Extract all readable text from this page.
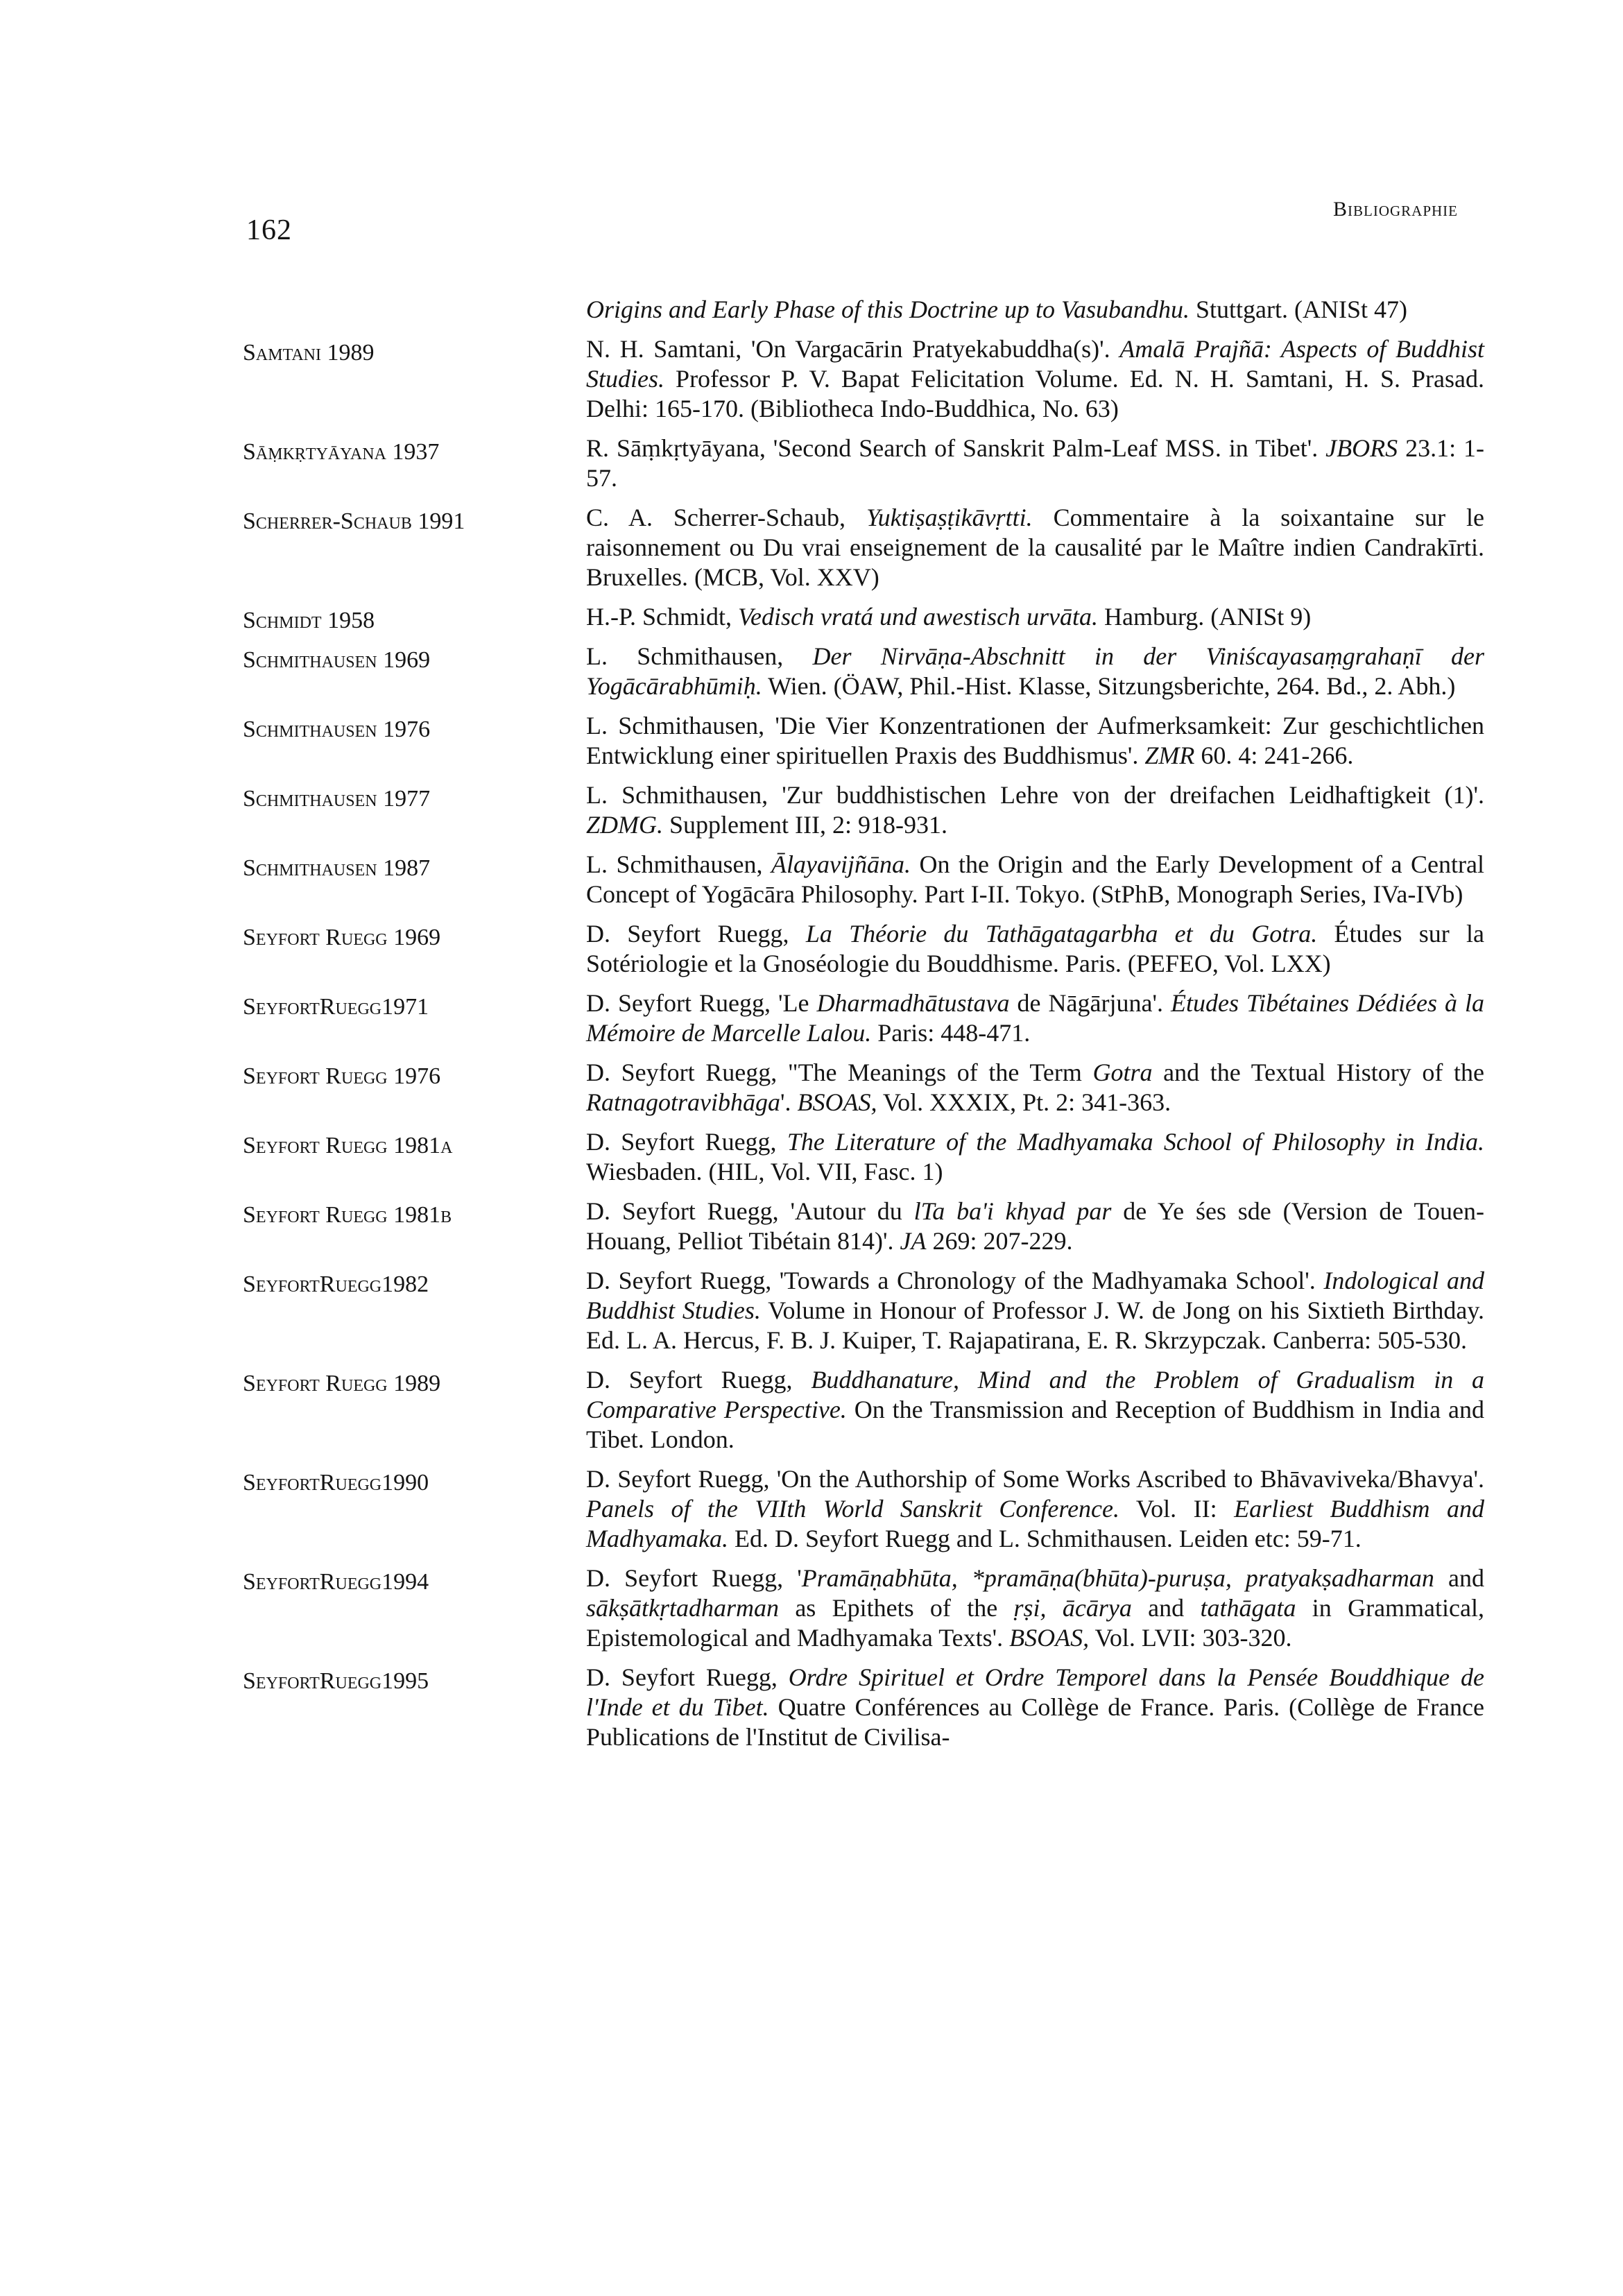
162
Bibliographie
Origins and Early Phase of this Doctrine up to Vasubandhu. Stuttgart. (ANISt 47)
Samtani 1989	N. H. Samtani, 'On Vargacārin Pratyekabuddha(s)'. Amalā Prajñā: Aspects of Buddhist Studies. Professor P. V. Bapat Felicitation Volume. Ed. N. H. Samtani, H. S. Prasad. Delhi: 165-170. (Bibliotheca Indo-Buddhica, No. 63)
Sāṃkṛtyāyana 1937	R. Sāṃkṛtyāyana, 'Second Search of Sanskrit Palm-Leaf MSS. in Tibet'. JBORS 23.1: 1-57.
Scherrer-Schaub 1991	C. A. Scherrer-Schaub, Yuktiṣaṣṭikāvṛtti. Commentaire à la soixantaine sur le raisonnement ou Du vrai enseignement de la causalité par le Maître indien Candrakīrti. Bruxelles. (MCB, Vol. XXV)
Schmidt 1958	H.-P. Schmidt, Vedisch vratá und awestisch urvāta. Hamburg. (ANISt 9)
Schmithausen 1969	L. Schmithausen, Der Nirvāṇa-Abschnitt in der Viniścayasaṃgrahaṇī der Yogācārabhūmiḥ. Wien. (ÖAW, Phil.-Hist. Klasse, Sitzungsberichte, 264. Bd., 2. Abh.)
Schmithausen 1976	L. Schmithausen, 'Die Vier Konzentrationen der Aufmerksamkeit: Zur geschichtlichen Entwicklung einer spirituellen Praxis des Buddhismus'. ZMR 60. 4: 241-266.
Schmithausen 1977	L. Schmithausen, 'Zur buddhistischen Lehre von der dreifachen Leidhaftigkeit (1)'. ZDMG. Supplement III, 2: 918-931.
Schmithausen 1987	L. Schmithausen, Ālayavijñāna. On the Origin and the Early Development of a Central Concept of Yogācāra Philosophy. Part I-II. Tokyo. (StPhB, Monograph Series, IVa-IVb)
Seyfort Ruegg 1969	D. Seyfort Ruegg, La Théorie du Tathāgatagarbha et du Gotra. Études sur la Sotériologie et la Gnoséologie du Bouddhisme. Paris. (PEFEO, Vol. LXX)
SeyfortRuegg1971	D. Seyfort Ruegg, 'Le Dharmadhātustava de Nāgārjuna'. Études Tibétaines Dédiées à la Mémoire de Marcelle Lalou. Paris: 448-471.
Seyfort Ruegg 1976	D. Seyfort Ruegg, "The Meanings of the Term Gotra and the Textual History of the Ratnagotravibhāga'. BSOAS, Vol. XXXIX, Pt. 2: 341-363.
Seyfort Ruegg 1981a	D. Seyfort Ruegg, The Literature of the Madhyamaka School of Philosophy in India. Wiesbaden. (HIL, Vol. VII, Fasc. 1)
Seyfort Ruegg 1981b	D. Seyfort Ruegg, 'Autour du lTa ba'i khyad par de Ye śes sde (Version de Touen-Houang, Pelliot Tibétain 814)'. JA 269: 207-229.
SeyfortRuegg1982	D. Seyfort Ruegg, 'Towards a Chronology of the Madhyamaka School'. Indological and Buddhist Studies. Volume in Honour of Professor J. W. de Jong on his Sixtieth Birthday. Ed. L. A. Hercus, F. B. J. Kuiper, T. Rajapatirana, E. R. Skrzypczak. Canberra: 505-530.
Seyfort Ruegg 1989	D. Seyfort Ruegg, Buddhanature, Mind and the Problem of Gradualism in a Comparative Perspective. On the Transmission and Reception of Buddhism in India and Tibet. London.
SeyfortRuegg1990	D. Seyfort Ruegg, 'On the Authorship of Some Works Ascribed to Bhāvaviveka/Bhavya'. Panels of the VIIth World Sanskrit Conference. Vol. II: Earliest Buddhism and Madhyamaka. Ed. D. Seyfort Ruegg and L. Schmithausen. Leiden etc: 59-71.
SeyfortRuegg1994	D. Seyfort Ruegg, 'Pramāṇabhūta, *pramāṇa(bhūta)-puruṣa, pratyakṣadharman and sākṣātkṛtadharman as Epithets of the ṛṣi, ācārya and tathāgata in Grammatical, Epistemological and Madhyamaka Texts'. BSOAS, Vol. LVII: 303-320.
SeyfortRuegg1995	D. Seyfort Ruegg, Ordre Spirituel et Ordre Temporel dans la Pensée Bouddhique de l'Inde et du Tibet. Quatre Conférences au Collège de France. Paris. (Collège de France Publications de l'Institut de Civilisa-
